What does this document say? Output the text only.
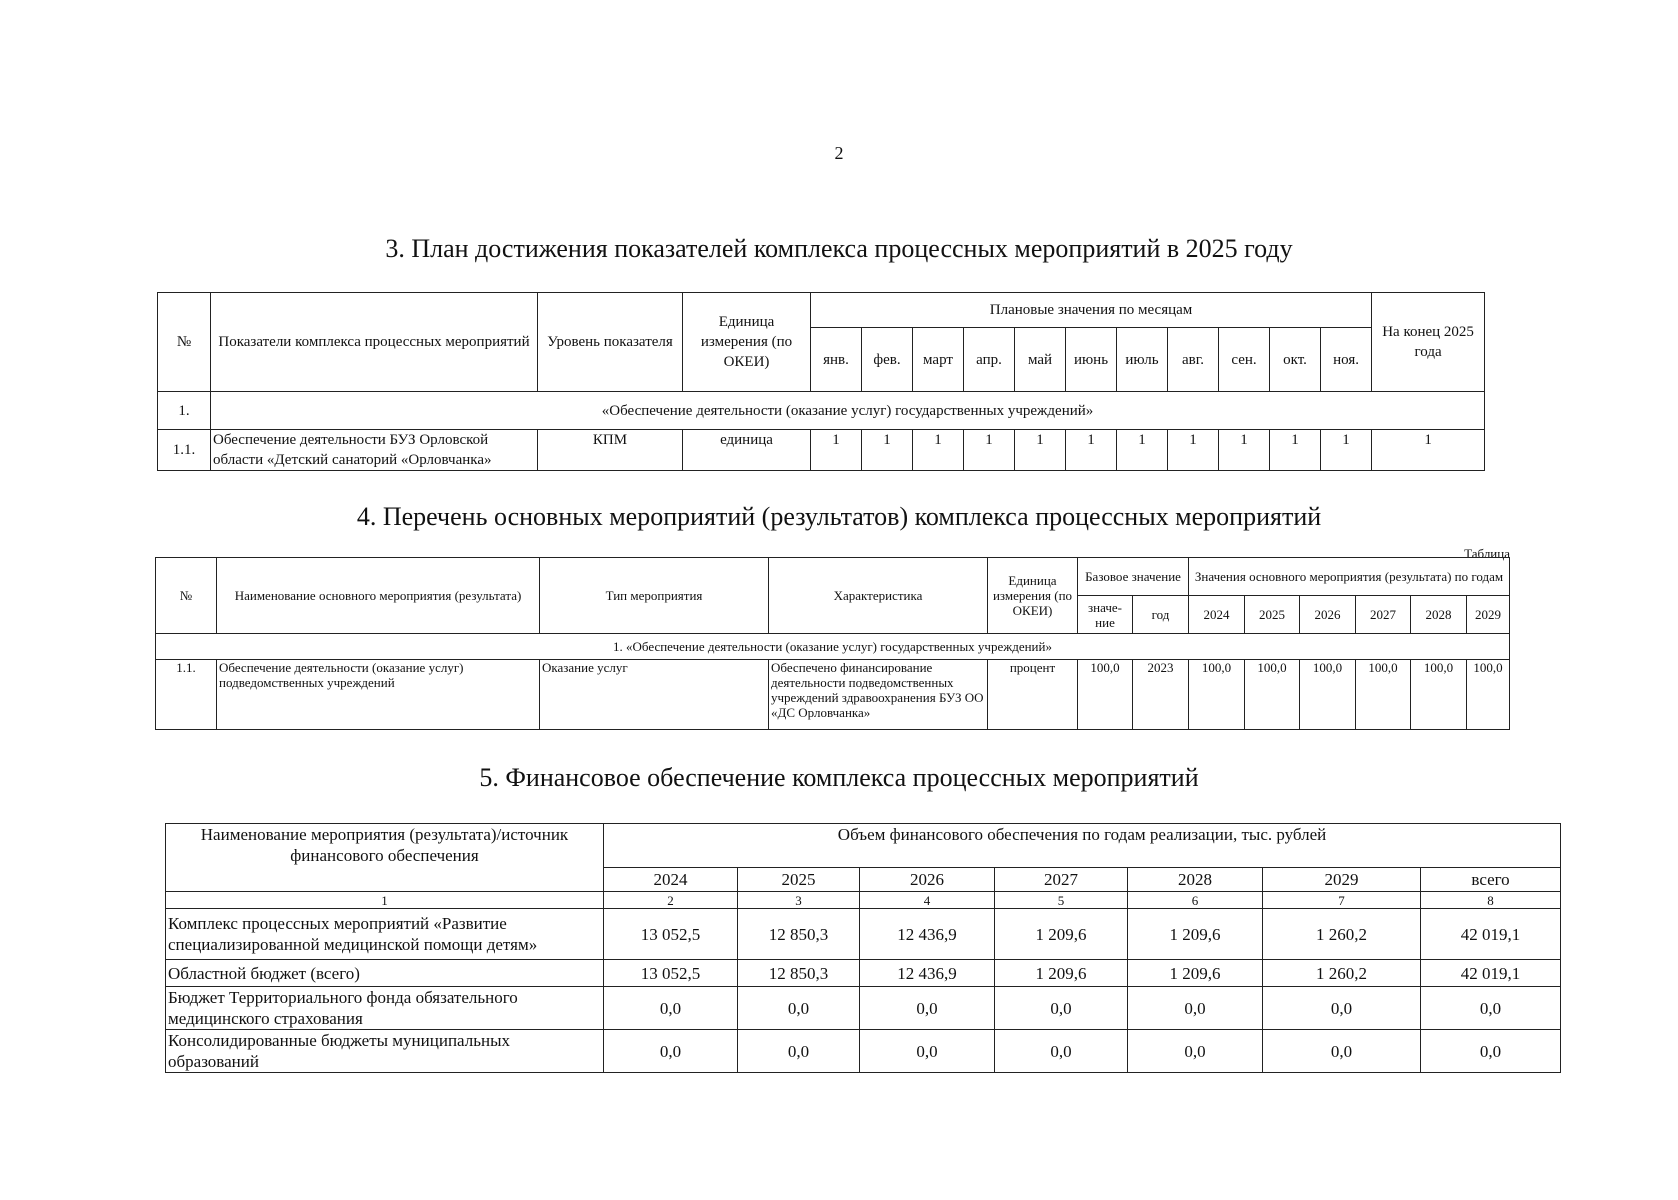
2
3. План достижения показателей комплекса процессных мероприятий в 2025 году
№	Показатели комплекса процессных мероприятий	Уровень показателя	Единица измерения (по ОКЕИ)	Плановые значения по месяцам											На конец 2025 года
				янв.	фев.	март	апр.	май	июнь	июль	авг.	сен.	окт.	ноя.	
1.	«Обеспечение деятельности (оказание услуг) государственных учреждений»														
1.1.	Обеспечение деятельности БУЗ Орловской области «Детский санаторий «Орловчанка»	КПМ	единица	1	1	1	1	1	1	1	1	1	1	1	1
4. Перечень основных мероприятий (результатов) комплекса процессных мероприятий
Таблица
№	Наименование основного мероприятия (результата)	Тип мероприятия	Характеристика	Единица измерения (по ОКЕИ)	Базовое значение		Значения основного мероприятия (результата) по годам					
					значе-ние	год	2024	2025	2026	2027	2028	2029
1. «Обеспечение деятельности (оказание услуг) государственных учреждений»												
1.1.	Обеспечение деятельности (оказание услуг) подведомственных учреждений	Оказание услуг	Обеспечено финансирование деятельности подведомственных учреждений здравоохранения БУЗ ОО «ДС Орловчанка»	процент	100,0	2023	100,0	100,0	100,0	100,0	100,0	100,0
5. Финансовое обеспечение комплекса процессных мероприятий
Наименование мероприятия (результата)/источник финансового обеспечения	Объем финансового обеспечения по годам реализации, тыс. рублей						
	2024	2025	2026	2027	2028	2029	всего
1	2	3	4	5	6	7	8
Комплекс процессных мероприятий «Развитие специализированной медицинской помощи детям»	13 052,5	12 850,3	12 436,9	1 209,6	1 209,6	1 260,2	42 019,1
Областной бюджет (всего)	13 052,5	12 850,3	12 436,9	1 209,6	1 209,6	1 260,2	42 019,1
Бюджет Территориального фонда обязательного медицинского страхования	0,0	0,0	0,0	0,0	0,0	0,0	0,0
Консолидированные бюджеты муниципальных образований	0,0	0,0	0,0	0,0	0,0	0,0	0,0
